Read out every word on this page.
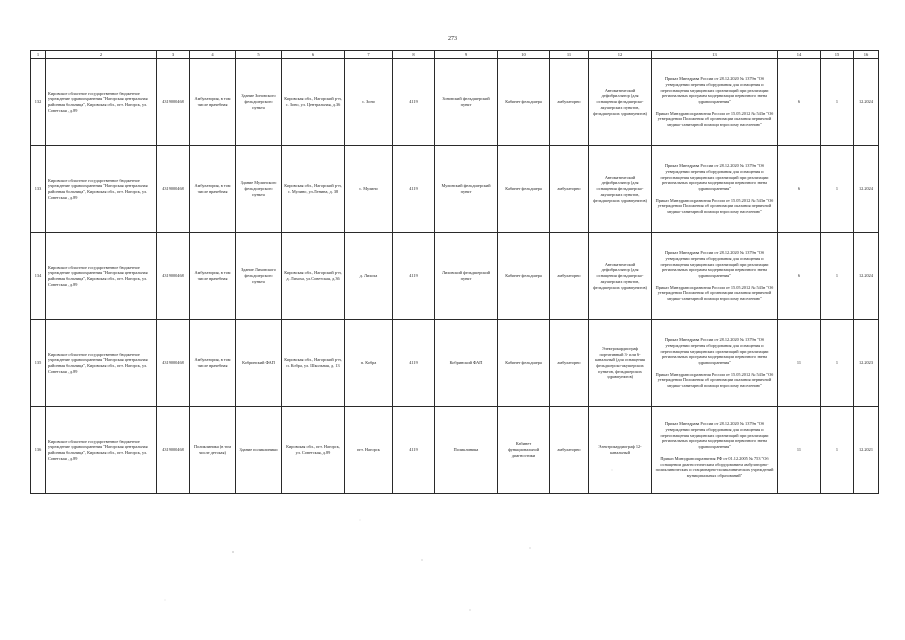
273
1	2	3	4	5	6	7	8	9	10	11	12	13	14	15	16
132	Кировское областное государственное бюджетное учреждение здравоохранения "Нагорская центральная районная больница", Кировская обл., пгт. Нагорск, ул. Советская , д.89	4319000468	Амбулатория, в том числе врачебная	Здание Зоновского фельдшерского пункта	Кировская обл., Нагорский р-н, с. Зоно, ул. Центральная, д.36	с. Зоно	4119	Зоновский фельдшерский пункт	Кабинет фельдшера	амбулаторно	Автоматический дефибриллятор (для оснащения фельдшерско-акушерских пунктов, фельдшерских здравпунктов)	Приказ Минздрава России от 28.12.2020 № 1379н "Об утверждении перечня оборудования для оснащения и переоснащения медицинских организаций при реализации региональных программ модернизации первичного звена здравоохранения"
Приказ Минздравсоцразвития России от 15.05.2012 № 543н "Об утверждении Положения об организации оказания первичной медико-санитарной помощи взрослому населению"	6	1	12.2024
133	Кировское областное государственное бюджетное учреждение здравоохранения "Нагорская центральная районная больница", Кировская обл., пгт. Нагорск, ул. Советская , д.89	4319000468	Амбулатория, в том числе врачебная	Здание Мулинского фельдшерского пункта	Кировская обл., Нагорский р-н, с. Мулино, ул.Ленина, д. 38	с. Мулино	4119	Мулинский фельдшерский пункт	Кабинет фельдшера	амбулаторно	Автоматический дефибриллятор (для оснащения фельдшерско-акушерских пунктов, фельдшерских здравпунктов)	Приказ Минздрава России от 28.12.2020 № 1379н "Об утверждении перечня оборудования для оснащения и переоснащения медицинских организаций при реализации региональных программ модернизации первичного звена здравоохранения"
Приказ Минздравсоцразвития России от 15.05.2012 № 543н "Об утверждении Положения об организации оказания первичной медико-санитарной помощи взрослому населению"	6	1	12.2024
134	Кировское областное государственное бюджетное учреждение здравоохранения "Нагорская центральная районная больница", Кировская обл., пгт. Нагорск, ул. Советская , д.89	4319000468	Амбулатория, в том числе врачебная	Здание Лиховского фельдшерского пункта	Кировская обл., Нагорский р-н, д. Лихоха, ул.Советская, д.36	д. Лихоха	4119	Лиховский фельдшерский пункт	Кабинет фельдшера	амбулаторно	Автоматический дефибриллятор (для оснащения фельдшерско-акушерских пунктов, фельдшерских здравпунктов)	Приказ Минздрава России от 28.12.2020 № 1379н "Об утверждении перечня оборудования для оснащения и переоснащения медицинских организаций при реализации региональных программ модернизации первичного звена здравоохранения"
Приказ Минздравсоцразвития России от 15.05.2012 № 543н "Об утверждении Положения об организации оказания первичной медико-санитарной помощи взрослому населению"	6	1	12.2024
135	Кировское областное государственное бюджетное учреждение здравоохранения "Нагорская центральная районная больница", Кировская обл., пгт. Нагорск, ул. Советская , д.89	4319000468	Амбулатория, в том числе врачебная	Кобринский ФАП	Кировская обл., Нагорский р-н, п. Кобра, ул. Школьная, д. 13	п. Кобра	4119	Кобринский ФАП	Кабинет фельдшера	амбулаторно	Электрокардиограф портативный 3- или 6-канальный (для оснащения фельдшерско-акушерских пунктов, фельдшерских здравпунктов)	Приказ Минздрава России от 28.12.2020 № 1379н "Об утверждении перечня оборудования для оснащения и переоснащения медицинских организаций при реализации региональных программ модернизации первичного звена здравоохранения"
Приказ Минздравсоцразвития России от 15.05.2012 № 543н "Об утверждении Положения об организации оказания первичной медико-санитарной помощи взрослому населению"	11	1	12.2023
136	Кировское областное государственное бюджетное учреждение здравоохранения "Нагорская центральная районная больница", Кировская обл., пгт. Нагорск, ул. Советская , д.89	4319000468	Поликлиника (в том числе детская)	Здание поликлиники	Кировская обл., пгт. Нагорск, ул. Советская, д.89	пгт. Нагорск	4119	Поликлиника	Кабинет функциональной диагностики	амбулаторно	Электрокардиограф 12-канальный	Приказ Минздрава России от 28.12.2020 № 1379н "Об утверждении перечня оборудования для оснащения и переоснащения медицинских организаций при реализации региональных программ модернизации первичного звена здравоохранения"
Приказ Минздравсоцразвития РФ от 01.12.2005 № 753 "Об оснащении диагностическим оборудованием амбулаторно-поликлинических и стационарно-поликлинических учреждений муниципальных образований"	11	1	12.2021
